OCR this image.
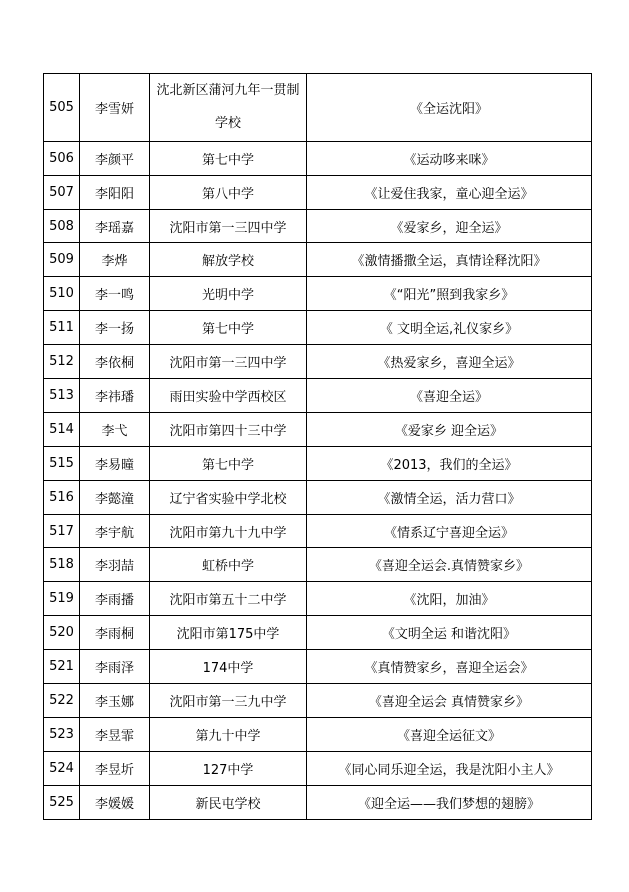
505	李雪妍	沈北新区蒲河九年一贯制学校	《全运沈阳》
506	李颜平	第七中学	《运动哆来咪》
507	李阳阳	第八中学	《让爱住我家，童心迎全运》
508	李瑶嘉	沈阳市第一三四中学	《爱家乡，迎全运》
509	李烨	解放学校	《激情播撒全运，真情诠释沈阳》
510	李一鸣	光明中学	《“阳光”照到我家乡》
511	李一扬	第七中学	《 文明全运,礼仪家乡》
512	李依桐	沈阳市第一三四中学	《热爱家乡，喜迎全运》
513	李祎璠	雨田实验中学西校区	《喜迎全运》
514	李弋	沈阳市第四十三中学	《爱家乡 迎全运》
515	李易曈	第七中学	《2013，我们的全运》
516	李懿潼	辽宁省实验中学北校	《激情全运，活力营口》
517	李宇航	沈阳市第九十九中学	《情系辽宁喜迎全运》
518	李羽喆	虹桥中学	《喜迎全运会.真情赞家乡》
519	李雨播	沈阳市第五十二中学	《沈阳，加油》
520	李雨桐	沈阳市第175中学	《文明全运 和谐沈阳》
521	李雨泽	174中学	《真情赞家乡，喜迎全运会》
522	李玉娜	沈阳市第一三九中学	《喜迎全运会 真情赞家乡》
523	李昱霏	第九十中学	《喜迎全运征文》
524	李昱圻	127中学	《同心同乐迎全运，我是沈阳小主人》
525	李媛媛	新民屯学校	《迎全运——我们梦想的翅膀》
